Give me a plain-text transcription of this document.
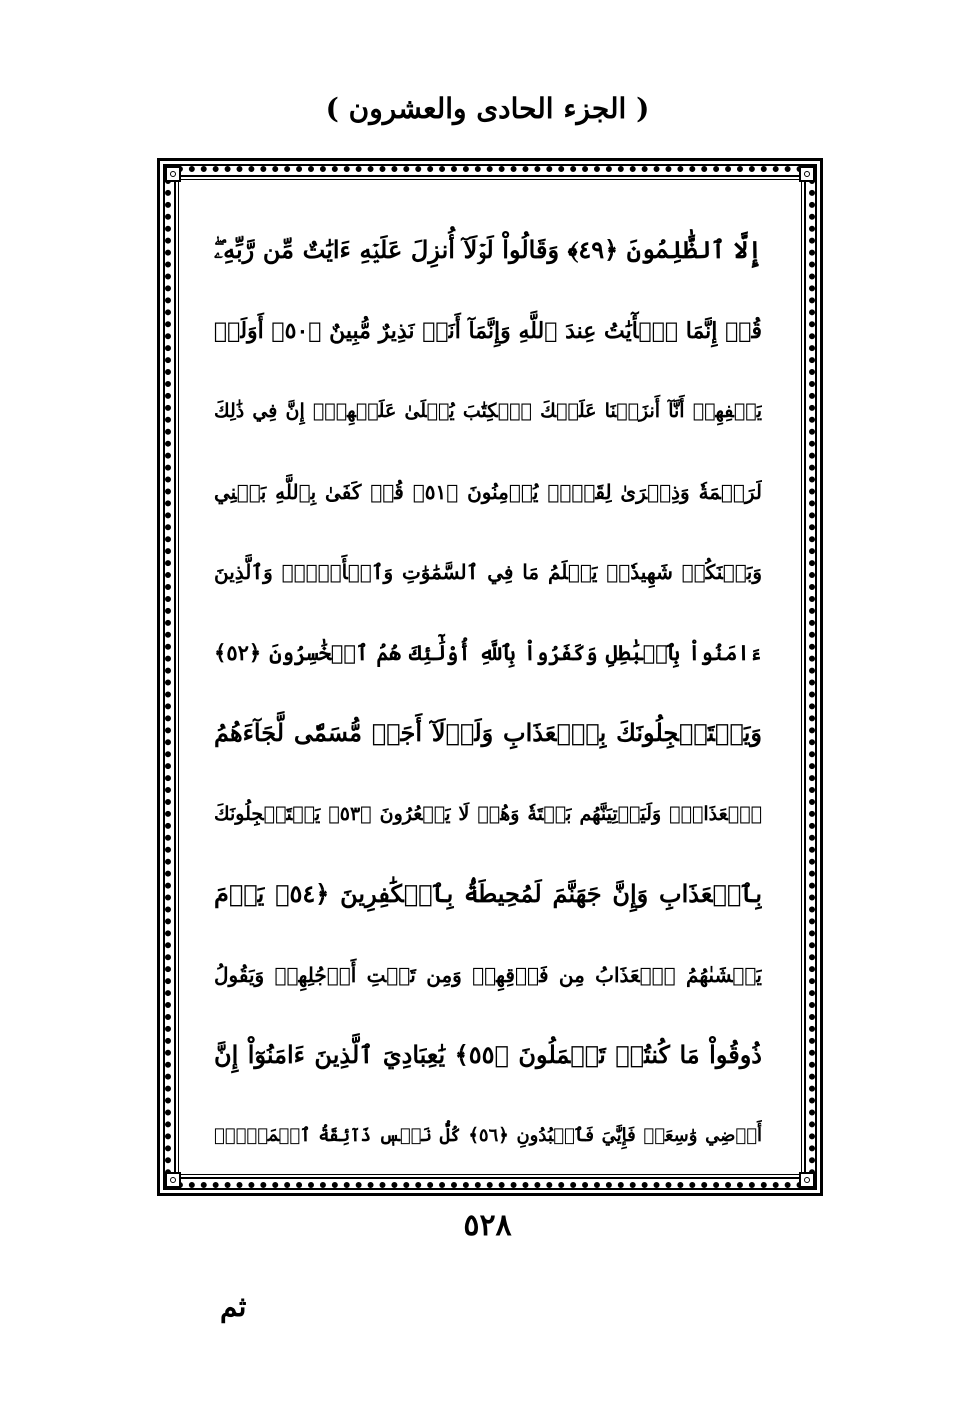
( الجزء الحادى والعشرون )
إِلَّا ٱلظَّٰلِمُونَ ﴿٤٩﴾ وَقَالُواْ لَوۡلَآ أُنزِلَ عَلَيۡهِ ءَايَٰتٌ مِّن رَّبِّهِۦۖ
قُلۡ إِنَّمَا ٱلۡأٓيَٰتُ عِندَ ٱللَّهِ وَإِنَّمَآ أَنَا۠ نَذِيرٌ مُّبِينٌ ﴿٥٠﴾ أَوَلَمۡ
يَكۡفِهِمۡ أَنَّآ أَنزَلۡنَا عَلَيۡكَ ٱلۡكِتَٰبَ يُتۡلَىٰ عَلَيۡهِمۡۚ إِنَّ فِي ذَٰلِكَ
لَرَحۡمَةٗ وَذِكۡرَىٰ لِقَوۡمٖ يُؤۡمِنُونَ ﴿٥١﴾ قُلۡ كَفَىٰ بِٱللَّهِ بَيۡنِي
وَبَيۡنَكُمۡ شَهِيدٗاۖ يَعۡلَمُ مَا فِي ٱلسَّمَٰوَٰتِ وَٱلۡأَرۡضِۗ وَٱلَّذِينَ
ءَامَنُواْ بِٱلۡبَٰطِلِ وَكَفَرُواْ بِٱللَّهِ أُوْلَٰٓئِكَ هُمُ ٱلۡخَٰسِرُونَ ﴿٥٢﴾
وَيَسۡتَعۡجِلُونَكَ بِٱلۡعَذَابِ وَلَوۡلَآ أَجَلٞ مُّسَمّٗى لَّجَآءَهُمُ
ٱلۡعَذَابُۚ وَلَيَأۡتِيَنَّهُم بَغۡتَةٗ وَهُمۡ لَا يَشۡعُرُونَ ﴿٥٣﴾ يَسۡتَعۡجِلُونَكَ
بِٱلۡعَذَابِ وَإِنَّ جَهَنَّمَ لَمُحِيطَةُۢ بِٱلۡكَٰفِرِينَ ﴿٥٤﴾ يَوۡمَ
يَغۡشَىٰهُمُ ٱلۡعَذَابُ مِن فَوۡقِهِمۡ وَمِن تَحۡتِ أَرۡجُلِهِمۡ وَيَقُولُ
ذُوقُواْ مَا كُنتُمۡ تَعۡمَلُونَ ﴿٥٥﴾ يَٰعِبَادِيَ ٱلَّذِينَ ءَامَنُوٓاْ إِنَّ
أَرۡضِي وَٰسِعَةٞ فَإِيَّٰيَ فَٱعۡبُدُونِ ﴿٥٦﴾ كُلُّ نَفۡسٖ ذَآئِقَةُ ٱلۡمَوۡتِۖ
٥٢٨
ثم
